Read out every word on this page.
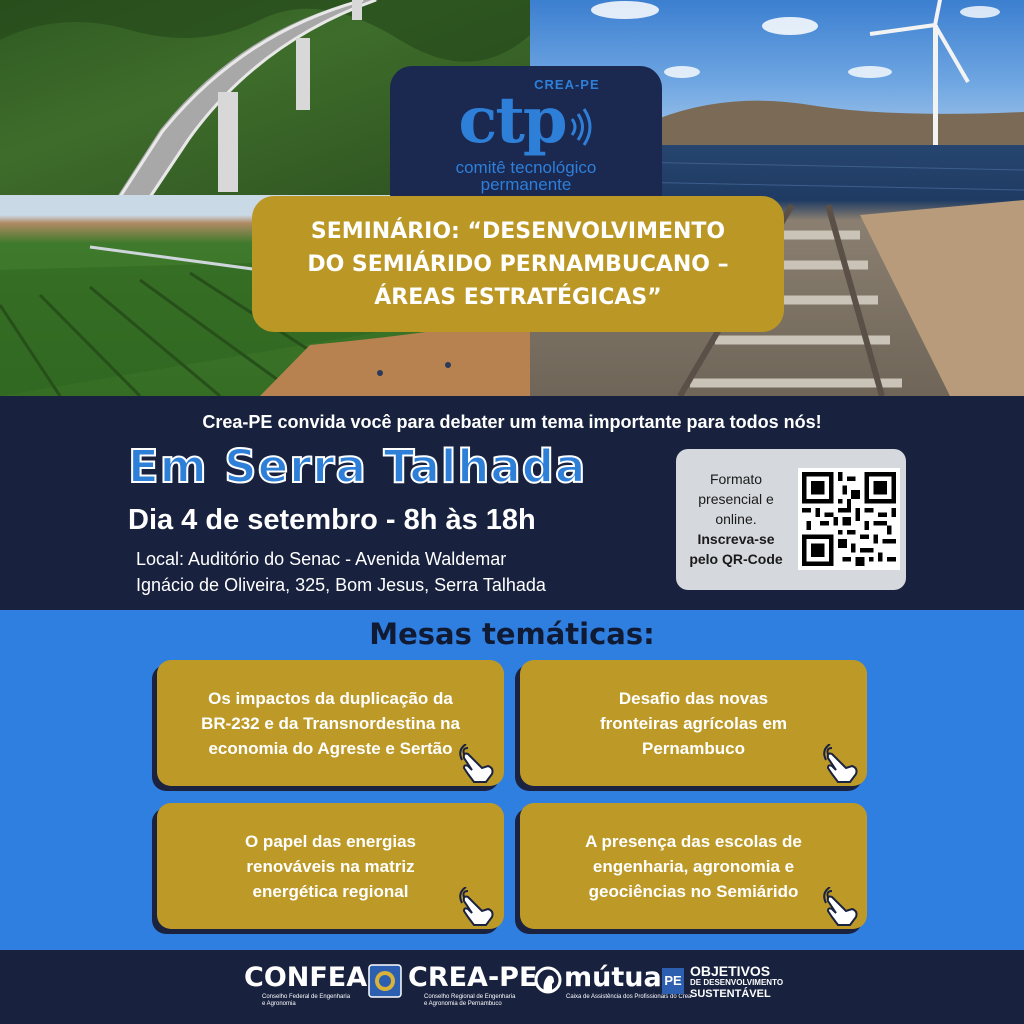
ctp
CREA-PE
comitê tecnológico
permanente
SEMINÁRIO: “DESENVOLVIMENTO
DO SEMIÁRIDO PERNAMBUCANO –
ÁREAS ESTRATÉGICAS”
Crea-PE convida você para debater um tema importante para todos nós!
Em Serra Talhada
Dia 4 de setembro - 8h às 18h
Local: Auditório do Senac - Avenida Waldemar
Ignácio de Oliveira, 325, Bom Jesus, Serra Talhada
Formato
presencial e
online.
Inscreva-se
pelo QR-Code
Mesas temáticas:
Os impactos da duplicação da
BR-232 e da Transnordestina na
economia do Agreste e Sertão
Desafio das novas
fronteiras agrícolas em
Pernambuco
O papel das energias
renováveis na matriz
energética regional
A presença das escolas de
engenharia, agronomia e
geociências no Semiárido
CONFEA
Conselho Federal de Engenharia
e Agronomia
CREA-PE
Conselho Regional de Engenharia
e Agronomia de Pernambuco
mútua
Caixa de Assistência dos Profissionais do Crea
PE
OBJETIVOS
DE DESENVOLVIMENTO
SUSTENTÁVEL
